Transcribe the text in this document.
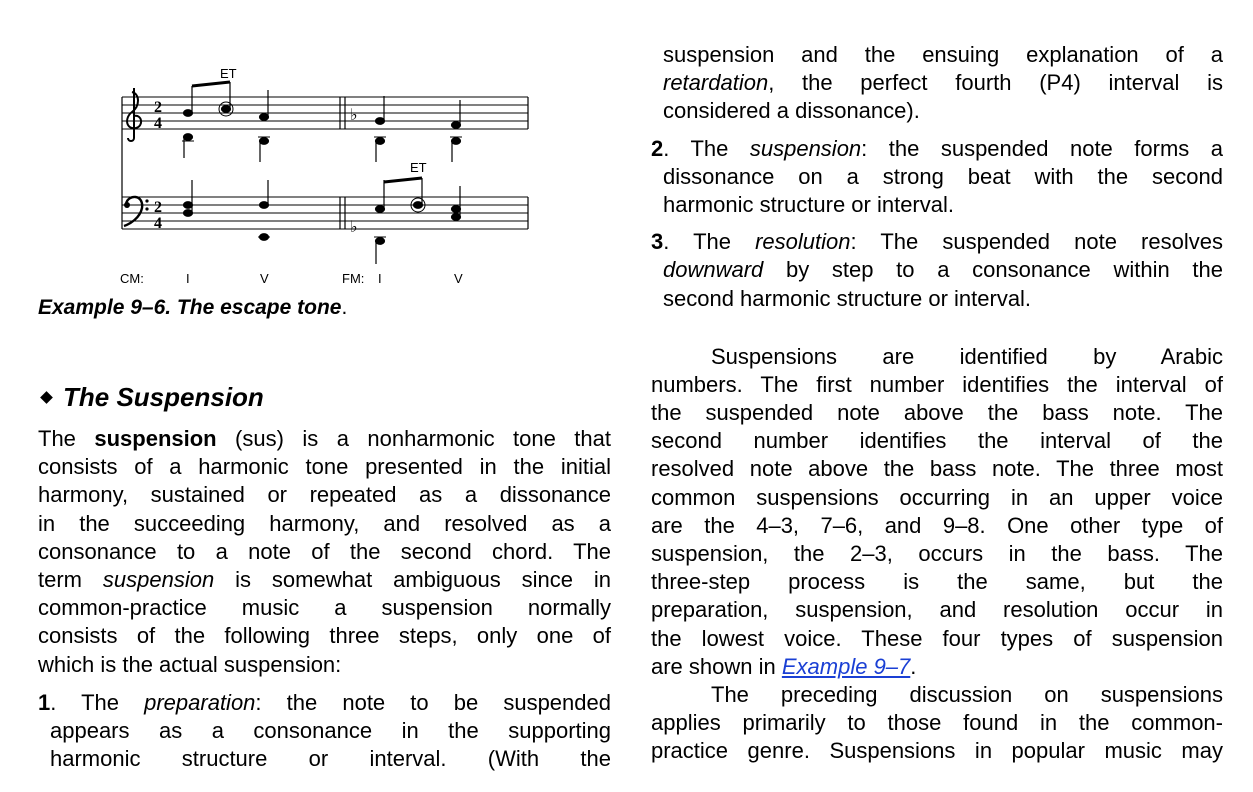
2
4
2
4
♭
♭
ET
ET
CM:	I	V	FM: I	V
Example 9–6. The escape tone.
The Suspension
The suspension (sus) is a nonharmonic tone that
consists of a harmonic tone presented in the initial
harmony, sustained or repeated as a dissonance
in the succeeding harmony, and resolved as a
consonance to a note of the second chord. The
term suspension is somewhat ambiguous since in
common-practice music a suspension normally
consists of the following three steps, only one of
which is the actual suspension:
1. The preparation: the note to be suspended
appears as a consonance in the supporting
harmonic structure or interval. (With the
suspension and the ensuing explanation of a
retardation, the perfect fourth (P4) interval is
considered a dissonance).
2. The suspension: the suspended note forms a
dissonance on a strong beat with the second
harmonic structure or interval.
3. The resolution: The suspended note resolves
downward by step to a consonance within the
second harmonic structure or interval.
Suspensions are identified by Arabic
numbers. The first number identifies the interval of
the suspended note above the bass note. The
second number identifies the interval of the
resolved note above the bass note. The three most
common suspensions occurring in an upper voice
are the 4–3, 7–6, and 9–8. One other type of
suspension, the 2–3, occurs in the bass. The
three-step process is the same, but the
preparation, suspension, and resolution occur in
the lowest voice. These four types of suspension
are shown in Example 9–7.
The preceding discussion on suspensions
applies primarily to those found in the common-
practice genre. Suspensions in popular music may
